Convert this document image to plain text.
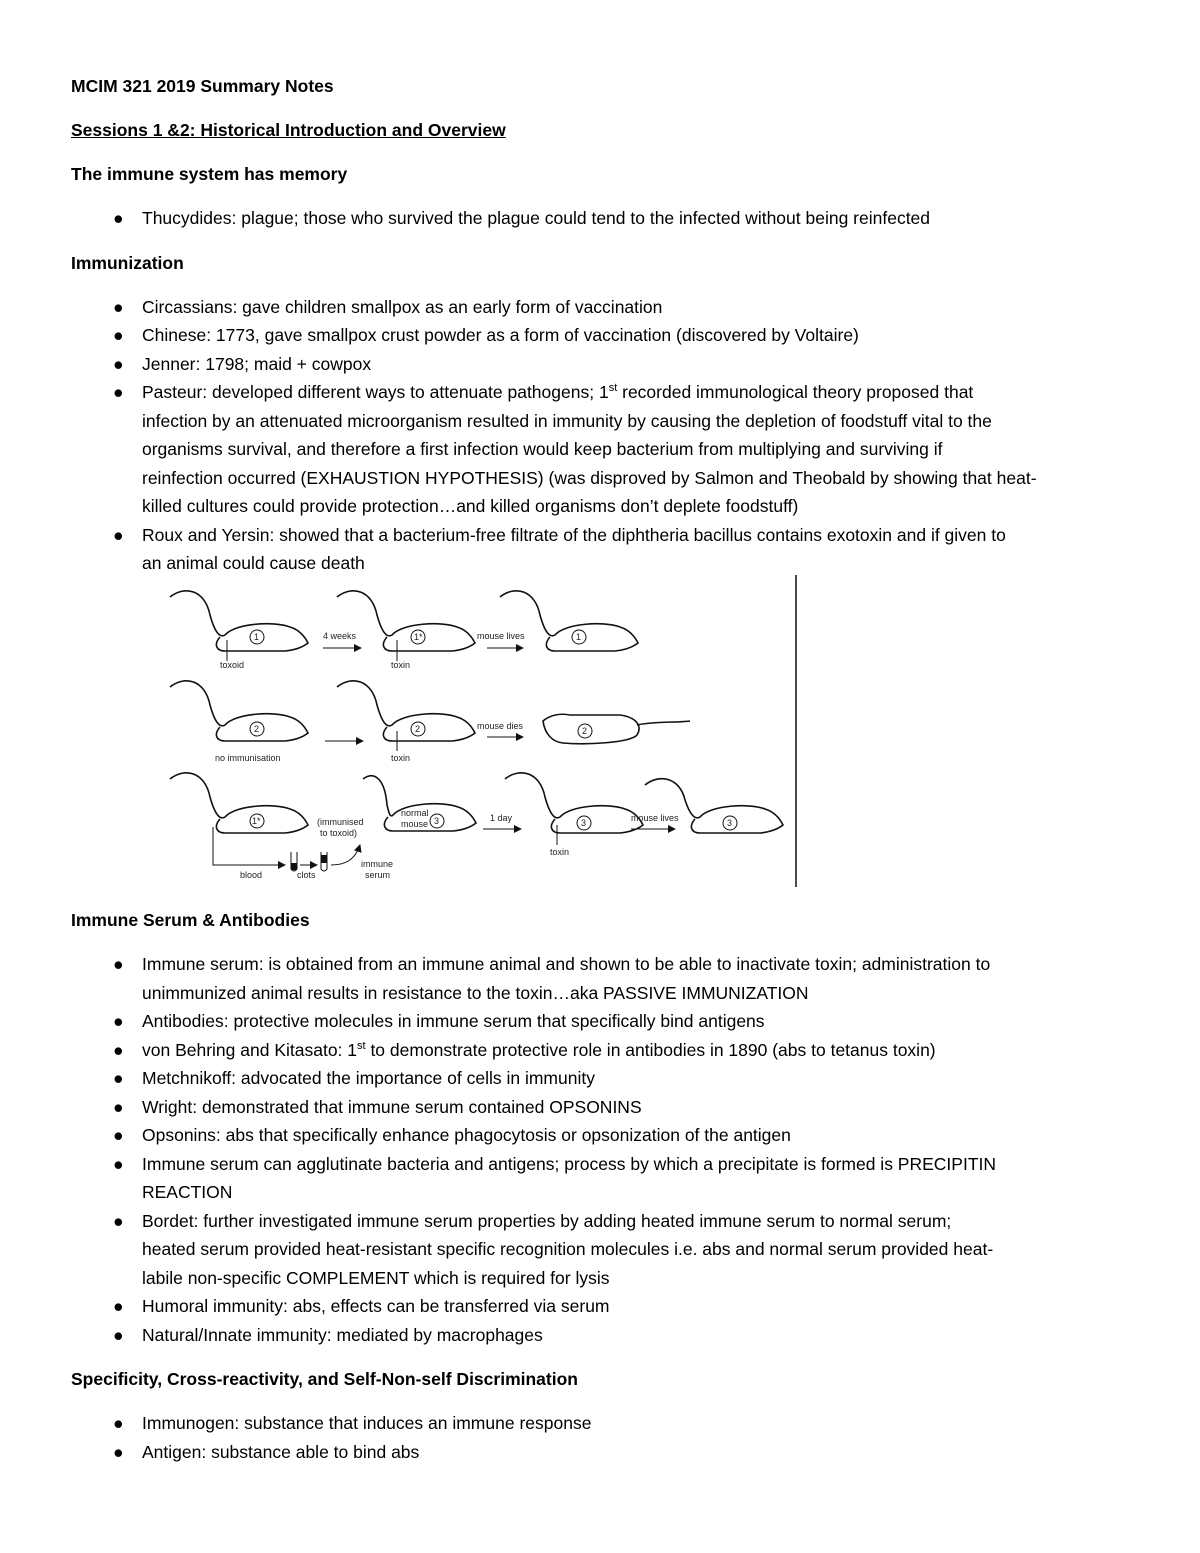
MCIM 321 2019 Summary Notes
Sessions 1 &2: Historical Introduction and Overview
The immune system has memory
● Thucydides: plague; those who survived the plague could tend to the infected without being reinfected
Immunization
● Circassians: gave children smallpox as an early form of vaccination
● Chinese: 1773, gave smallpox crust powder as a form of vaccination (discovered by Voltaire)
● Jenner: 1798; maid + cowpox
● Pasteur: developed different ways to attenuate pathogens; 1st recorded immunological theory proposed that
infection by an attenuated microorganism resulted in immunity by causing the depletion of foodstuff vital to the
organisms survival, and therefore a first infection would keep bacterium from multiplying and surviving if
reinfection occurred (EXHAUSTION HYPOTHESIS) (was disproved by Salmon and Theobald by showing that heat-
killed cultures could provide protection…and killed organisms don’t deplete foodstuff)
● Roux and Yersin: showed that a bacterium-free filtrate of the diphtheria bacillus contains exotoxin and if given to
an animal could cause death
1
toxoid
4 weeks	1*
toxin
mouse lives	1
2
no immunisation
2
toxin
mouse dies	2
1*
blood
(immunised
to toxoid)
clots
immune
serum
normal
mouse 3	1 day	3
toxin
mouse lives	3
Immune Serum & Antibodies
● Immune serum: is obtained from an immune animal and shown to be able to inactivate toxin; administration to
unimmunized animal results in resistance to the toxin…aka PASSIVE IMMUNIZATION
● Antibodies: protective molecules in immune serum that specifically bind antigens
● von Behring and Kitasato: 1st to demonstrate protective role in antibodies in 1890 (abs to tetanus toxin)
● Metchnikoff: advocated the importance of cells in immunity
● Wright: demonstrated that immune serum contained OPSONINS
● Opsonins: abs that specifically enhance phagocytosis or opsonization of the antigen
● Immune serum can agglutinate bacteria and antigens; process by which a precipitate is formed is PRECIPITIN
REACTION
● Bordet: further investigated immune serum properties by adding heated immune serum to normal serum;
heated serum provided heat-resistant specific recognition molecules i.e. abs and normal serum provided heat-
labile non-specific COMPLEMENT which is required for lysis
● Humoral immunity: abs, effects can be transferred via serum
● Natural/Innate immunity: mediated by macrophages
Specificity, Cross-reactivity, and Self-Non-self Discrimination
● Immunogen: substance that induces an immune response
● Antigen: substance able to bind abs
